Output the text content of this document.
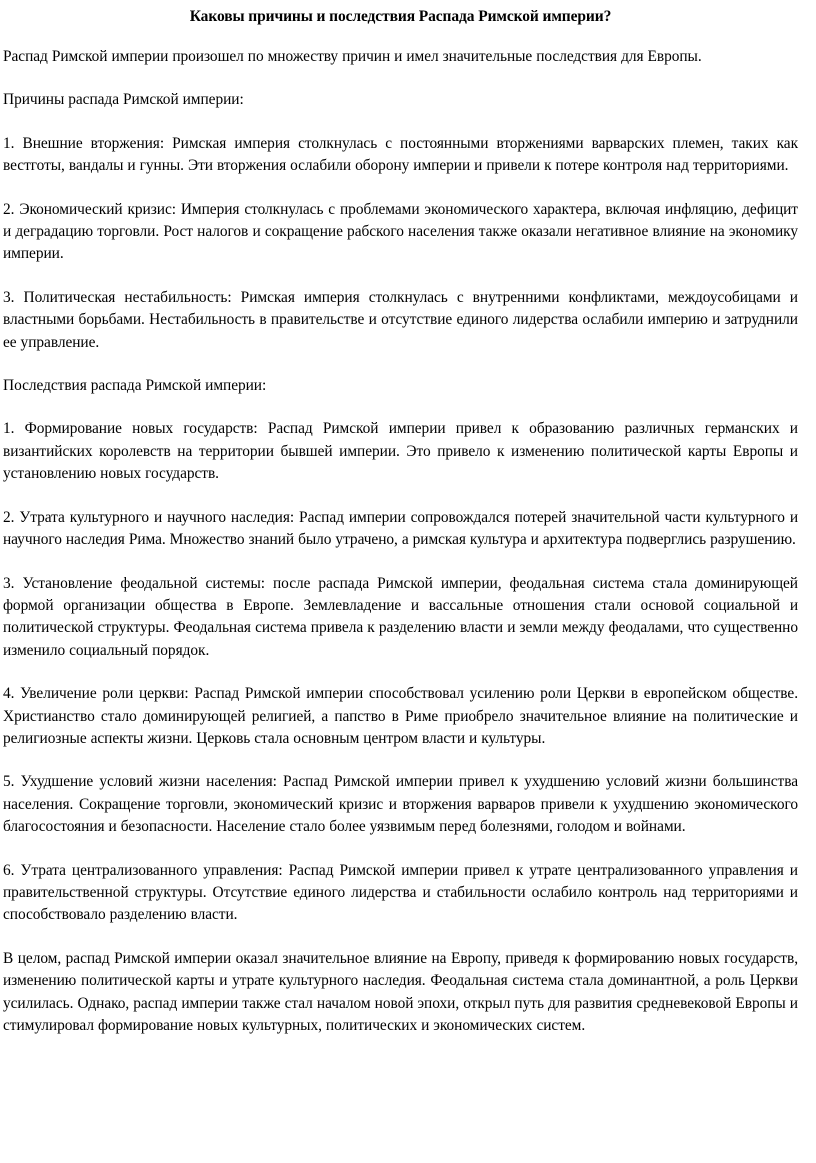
Каковы причины и последствия Распада Римской империи?

Распад Римской империи произошел по множеству причин и имел значительные последствия для Европы.

Причины распада Римской империи:

1. Внешние вторжения: Римская империя столкнулась с постоянными вторжениями варварских племен, таких как вестготы, вандалы и гунны. Эти вторжения ослабили оборону империи и привели к потере контроля над территориями.

2. Экономический кризис: Империя столкнулась с проблемами экономического характера, включая инфляцию, дефицит и деградацию торговли. Рост налогов и сокращение рабского населения также оказали негативное влияние на экономику империи.

3. Политическая нестабильность: Римская империя столкнулась с внутренними конфликтами, междоусобицами и властными борьбами. Нестабильность в правительстве и отсутствие единого лидерства ослабили империю и затруднили ее управление.

Последствия распада Римской империи:

1. Формирование новых государств: Распад Римской империи привел к образованию различных германских и византийских королевств на территории бывшей империи. Это привело к изменению политической карты Европы и установлению новых государств.

2. Утрата культурного и научного наследия: Распад империи сопровождался потерей значительной части культурного и научного наследия Рима. Множество знаний было утрачено, а римская культура и архитектура подверглись разрушению.

3. Установление феодальной системы: после распада Римской империи, феодальная система стала доминирующей формой организации общества в Европе. Землевладение и вассальные отношения стали основой социальной и политической структуры. Феодальная система привела к разделению власти и земли между феодалами, что существенно изменило социальный порядок.

4. Увеличение роли церкви: Распад Римской империи способствовал усилению роли Церкви в европейском обществе. Христианство стало доминирующей религией, а папство в Риме приобрело значительное влияние на политические и религиозные аспекты жизни. Церковь стала основным центром власти и культуры.

5. Ухудшение условий жизни населения: Распад Римской империи привел к ухудшению условий жизни большинства населения. Сокращение торговли, экономический кризис и вторжения варваров привели к ухудшению экономического благосостояния и безопасности. Население стало более уязвимым перед болезнями, голодом и войнами.

6. Утрата централизованного управления: Распад Римской империи привел к утрате централизованного управления и правительственной структуры. Отсутствие единого лидерства и стабильности ослабило контроль над территориями и способствовало разделению власти.

В целом, распад Римской империи оказал значительное влияние на Европу, приведя к формированию новых государств, изменению политической карты и утрате культурного наследия. Феодальная система стала доминантной, а роль Церкви усилилась. Однако, распад империи также стал началом новой эпохи, открыл путь для развития средневековой Европы и стимулировал формирование новых культурных, политических и экономических систем.
